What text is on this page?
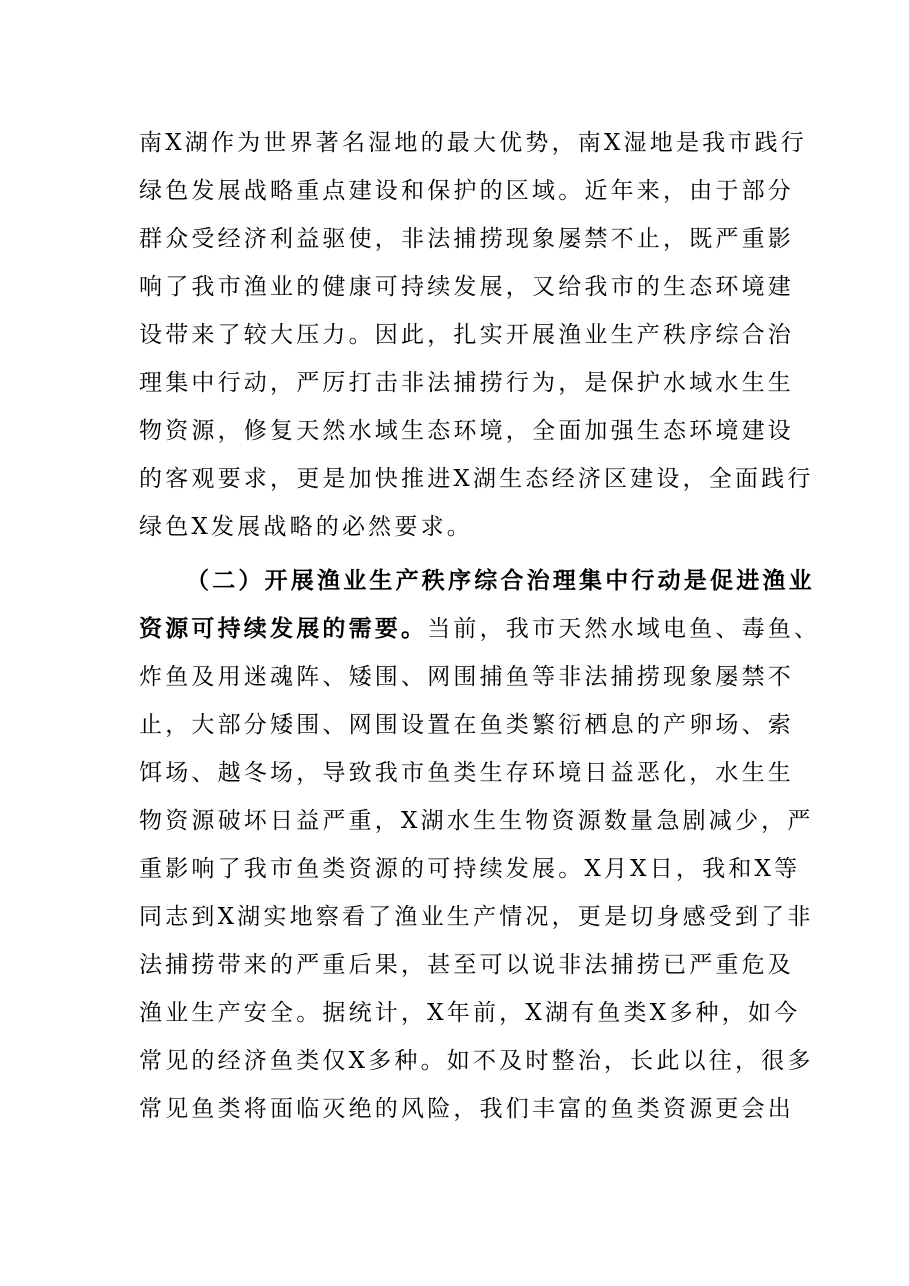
南X湖作为世界著名湿地的最大优势，南X湿地是我市践行
绿色发展战略重点建设和保护的区域。近年来，由于部分
群众受经济利益驱使，非法捕捞现象屡禁不止，既严重影
响了我市渔业的健康可持续发展，又给我市的生态环境建
设带来了较大压力。因此，扎实开展渔业生产秩序综合治
理集中行动，严厉打击非法捕捞行为，是保护水域水生生
物资源，修复天然水域生态环境，全面加强生态环境建设
的客观要求，更是加快推进X湖生态经济区建设，全面践行
绿色X发展战略的必然要求。
（二）开展渔业生产秩序综合治理集中行动是促进渔业
资源可持续发展的需要。当前，我市天然水域电鱼、毒鱼、
炸鱼及用迷魂阵、矮围、网围捕鱼等非法捕捞现象屡禁不
止，大部分矮围、网围设置在鱼类繁衍栖息的产卵场、索
饵场、越冬场，导致我市鱼类生存环境日益恶化，水生生
物资源破坏日益严重，X湖水生生物资源数量急剧减少，严
重影响了我市鱼类资源的可持续发展。X月X日，我和X等
同志到X湖实地察看了渔业生产情况，更是切身感受到了非
法捕捞带来的严重后果，甚至可以说非法捕捞已严重危及
渔业生产安全。据统计，X年前，X湖有鱼类X多种，如今
常见的经济鱼类仅X多种。如不及时整治，长此以往，很多
常见鱼类将面临灭绝的风险，我们丰富的鱼类资源更会出
